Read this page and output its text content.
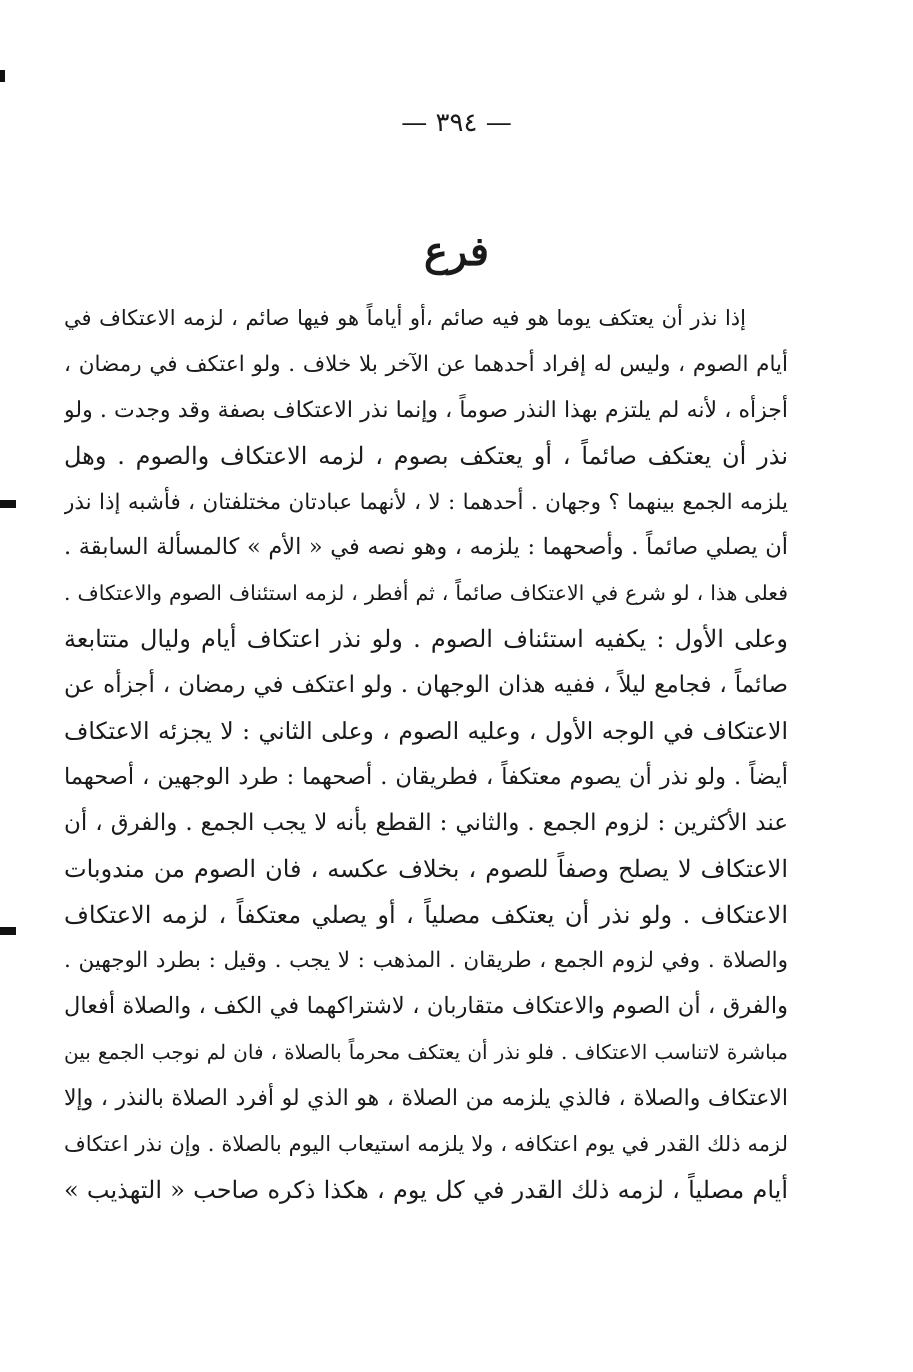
— ٣٩٤ —
فرع
إذا نذر أن يعتكف يوما هو فيه صائم ،أو أياماً هو فيها صائم ، لزمه الاعتكاف في
أيام الصوم ، وليس له إفراد أحدهما عن الآخر بلا خلاف . ولو اعتكف في رمضان ،
أجزأه ، لأنه لم يلتزم بهذا النذر صوماً ، وإنما نذر الاعتكاف بصفة وقد وجدت . ولو
نذر أن يعتكف صائماً ، أو يعتكف بصوم ، لزمه الاعتكاف والصوم . وهل
يلزمه الجمع بينهما ؟ وجهان . أحدهما : لا ، لأنهما عبادتان مختلفتان ، فأشبه إذا نذر
أن يصلي صائماً . وأصحهما : يلزمه ، وهو نصه في « الأم » كالمسألة السابقة .
فعلى هذا ، لو شرع في الاعتكاف صائماً ، ثم أفطر ، لزمه استئناف الصوم والاعتكاف .
وعلى الأول : يكفيه استئناف الصوم . ولو نذر اعتكاف أيام وليال متتابعة
صائماً ، فجامع ليلاً ، ففيه هذان الوجهان . ولو اعتكف في رمضان ، أجزأه عن
الاعتكاف في الوجه الأول ، وعليه الصوم ، وعلى الثاني : لا يجزئه الاعتكاف
أيضاً . ولو نذر أن يصوم معتكفاً ، فطريقان . أصحهما : طرد الوجهين ، أصحهما
عند الأكثرين : لزوم الجمع . والثاني : القطع بأنه لا يجب الجمع . والفرق ، أن
الاعتكاف لا يصلح وصفاً للصوم ، بخلاف عكسه ، فان الصوم من مندوبات
الاعتكاف . ولو نذر أن يعتكف مصلياً ، أو يصلي معتكفاً ، لزمه الاعتكاف
والصلاة . وفي لزوم الجمع ، طريقان . المذهب : لا يجب . وقيل : بطرد الوجهين .
والفرق ، أن الصوم والاعتكاف متقاربان ، لاشتراكهما في الكف ، والصلاة أفعال
مباشرة لاتناسب الاعتكاف . فلو نذر أن يعتكف محرماً بالصلاة ، فان لم نوجب الجمع بين
الاعتكاف والصلاة ، فالذي يلزمه من الصلاة ، هو الذي لو أفرد الصلاة بالنذر ، وإلا
لزمه ذلك القدر في يوم اعتكافه ، ولا يلزمه استيعاب اليوم بالصلاة . وإن نذر اعتكاف
أيام مصلياً ، لزمه ذلك القدر في كل يوم ، هكذا ذكره صاحب « التهذيب »
